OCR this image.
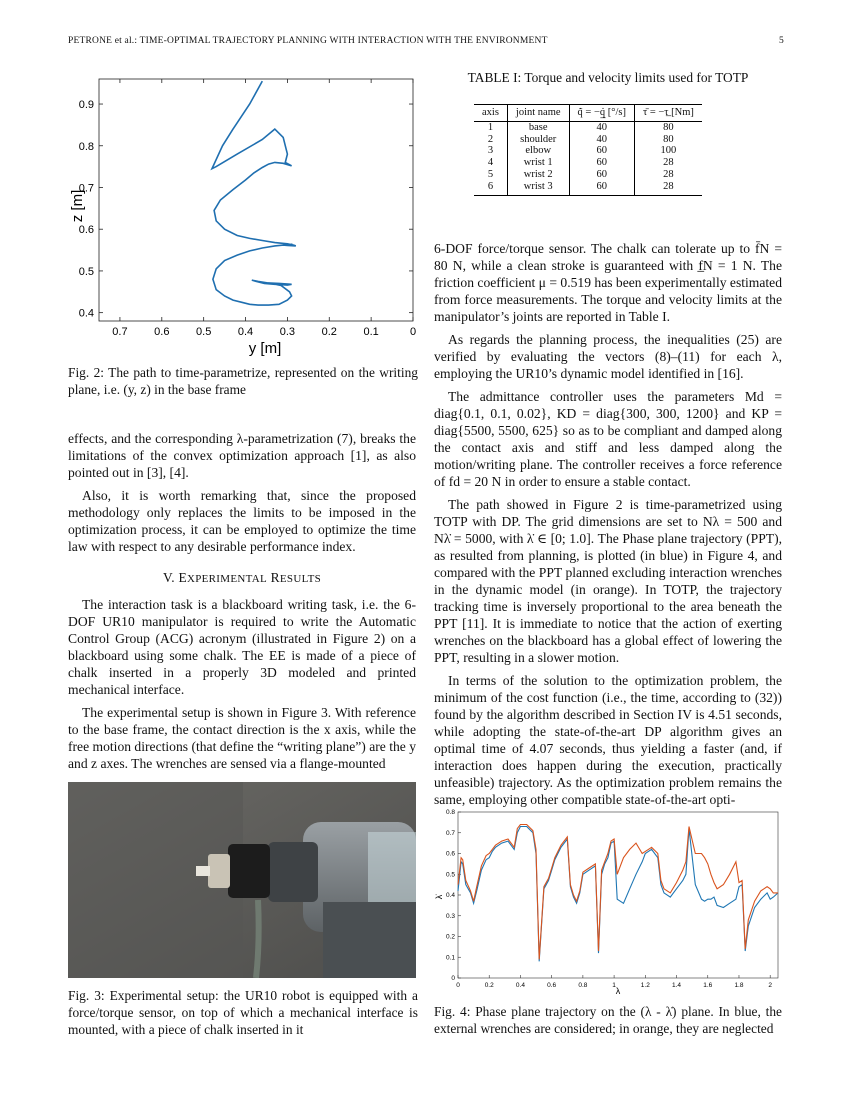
PETRONE et al.: TIME-OPTIMAL TRAJECTORY PLANNING WITH INTERACTION WITH THE ENVIRONMENT	5
0.7 0.6 0.5 0.4 0.3 0.2 0.1	0
0.4
0.5
0.6
0.7
0.8
0.9
y [m]
z [m]
Fig. 2: The path to time-parametrize, represented on the writing plane, i.e. (y, z) in the base frame

effects, and the corresponding λ-parametrization (7), breaks the limitations of the convex optimization approach [1], as also pointed out in [3], [4].

Also, it is worth remarking that, since the proposed methodology only replaces the limits to be imposed in the optimization process, it can be employed to optimize the time law with respect to any desirable performance index.

V. EXPERIMENTAL RESULTS

The interaction task is a blackboard writing task, i.e. the 6-DOF UR10 manipulator is required to write the Automatic Control Group (ACG) acronym (illustrated in Figure 2) on a blackboard using some chalk. The EE is made of a piece of chalk inserted in a properly 3D modeled and printed mechanical interface.

The experimental setup is shown in Figure 3. With reference to the base frame, the contact direction is the x axis, while the free motion directions (that define the “writing plane”) are the y and z axes. The wrenches are sensed via a flange-mounted

Fig. 3: Experimental setup: the UR10 robot is equipped with a force/torque sensor, on top of which a mechanical interface is mounted, with a piece of chalk inserted in it
TABLE I: Torque and velocity limits used for TOTP
axis	joint name	q̄̇ = −q̲̇ [°/s]	τ̄ = −τ̲ [Nm]
1	base	40	80
2	shoulder	40	80
3	elbow	60	100
4	wrist 1	60	28
5	wrist 2	60	28
6	wrist 3	60	28

6-DOF force/torque sensor. The chalk can tolerate up to f̄N = 80 N, while a clean stroke is guaranteed with f̲N = 1 N. The friction coefficient μ = 0.519 has been experimentally estimated from force measurements. The torque and velocity limits at the manipulator’s joints are reported in Table I.

As regards the planning process, the inequalities (25) are verified by evaluating the vectors (8)–(11) for each λ, employing the UR10’s dynamic model identified in [16].

The admittance controller uses the parameters Md = diag{0.1, 0.1, 0.02}, KD = diag{300, 300, 1200} and KP = diag{5500, 5500, 625} so as to be compliant and damped along the contact axis and stiff and less damped along the motion/writing plane. The controller receives a force reference of fd = 20 N in order to ensure a stable contact.

The path showed in Figure 2 is time-parametrized using TOTP with DP. The grid dimensions are set to Nλ = 500 and Nλ̇ = 5000, with λ̇ ∈ [0; 1.0]. The Phase plane trajectory (PPT), as resulted from planning, is plotted (in blue) in Figure 4, and compared with the PPT planned excluding interaction wrenches in the dynamic model (in orange). In TOTP, the trajectory tracking time is inversely proportional to the area beneath the PPT [11]. It is immediate to notice that the action of exerting wrenches on the blackboard has a global effect of lowering the PPT, resulting in a slower motion.

In terms of the solution to the optimization problem, the minimum of the cost function (i.e., the time, according to (32)) found by the algorithm described in Section IV is 4.51 seconds, while adopting the state-of-the-art DP algorithm gives an optimal time of 4.07 seconds, thus yielding a faster (and, if interaction does happen during the execution, practically unfeasible) trajectory. As the optimization problem remains the same, employing other compatible state-of-the-art opti-

0	0.2	0.4	0.6	0.8	1	1.2	1.4	1.6	1.8	2
0
0.1
0.2
0.3
0.4
0.5
0.6
0.7
0.8
λ
λ̇
Fig. 4: Phase plane trajectory on the (λ - λ̇) plane. In blue, the external wrenches are considered; in orange, they are neglected
